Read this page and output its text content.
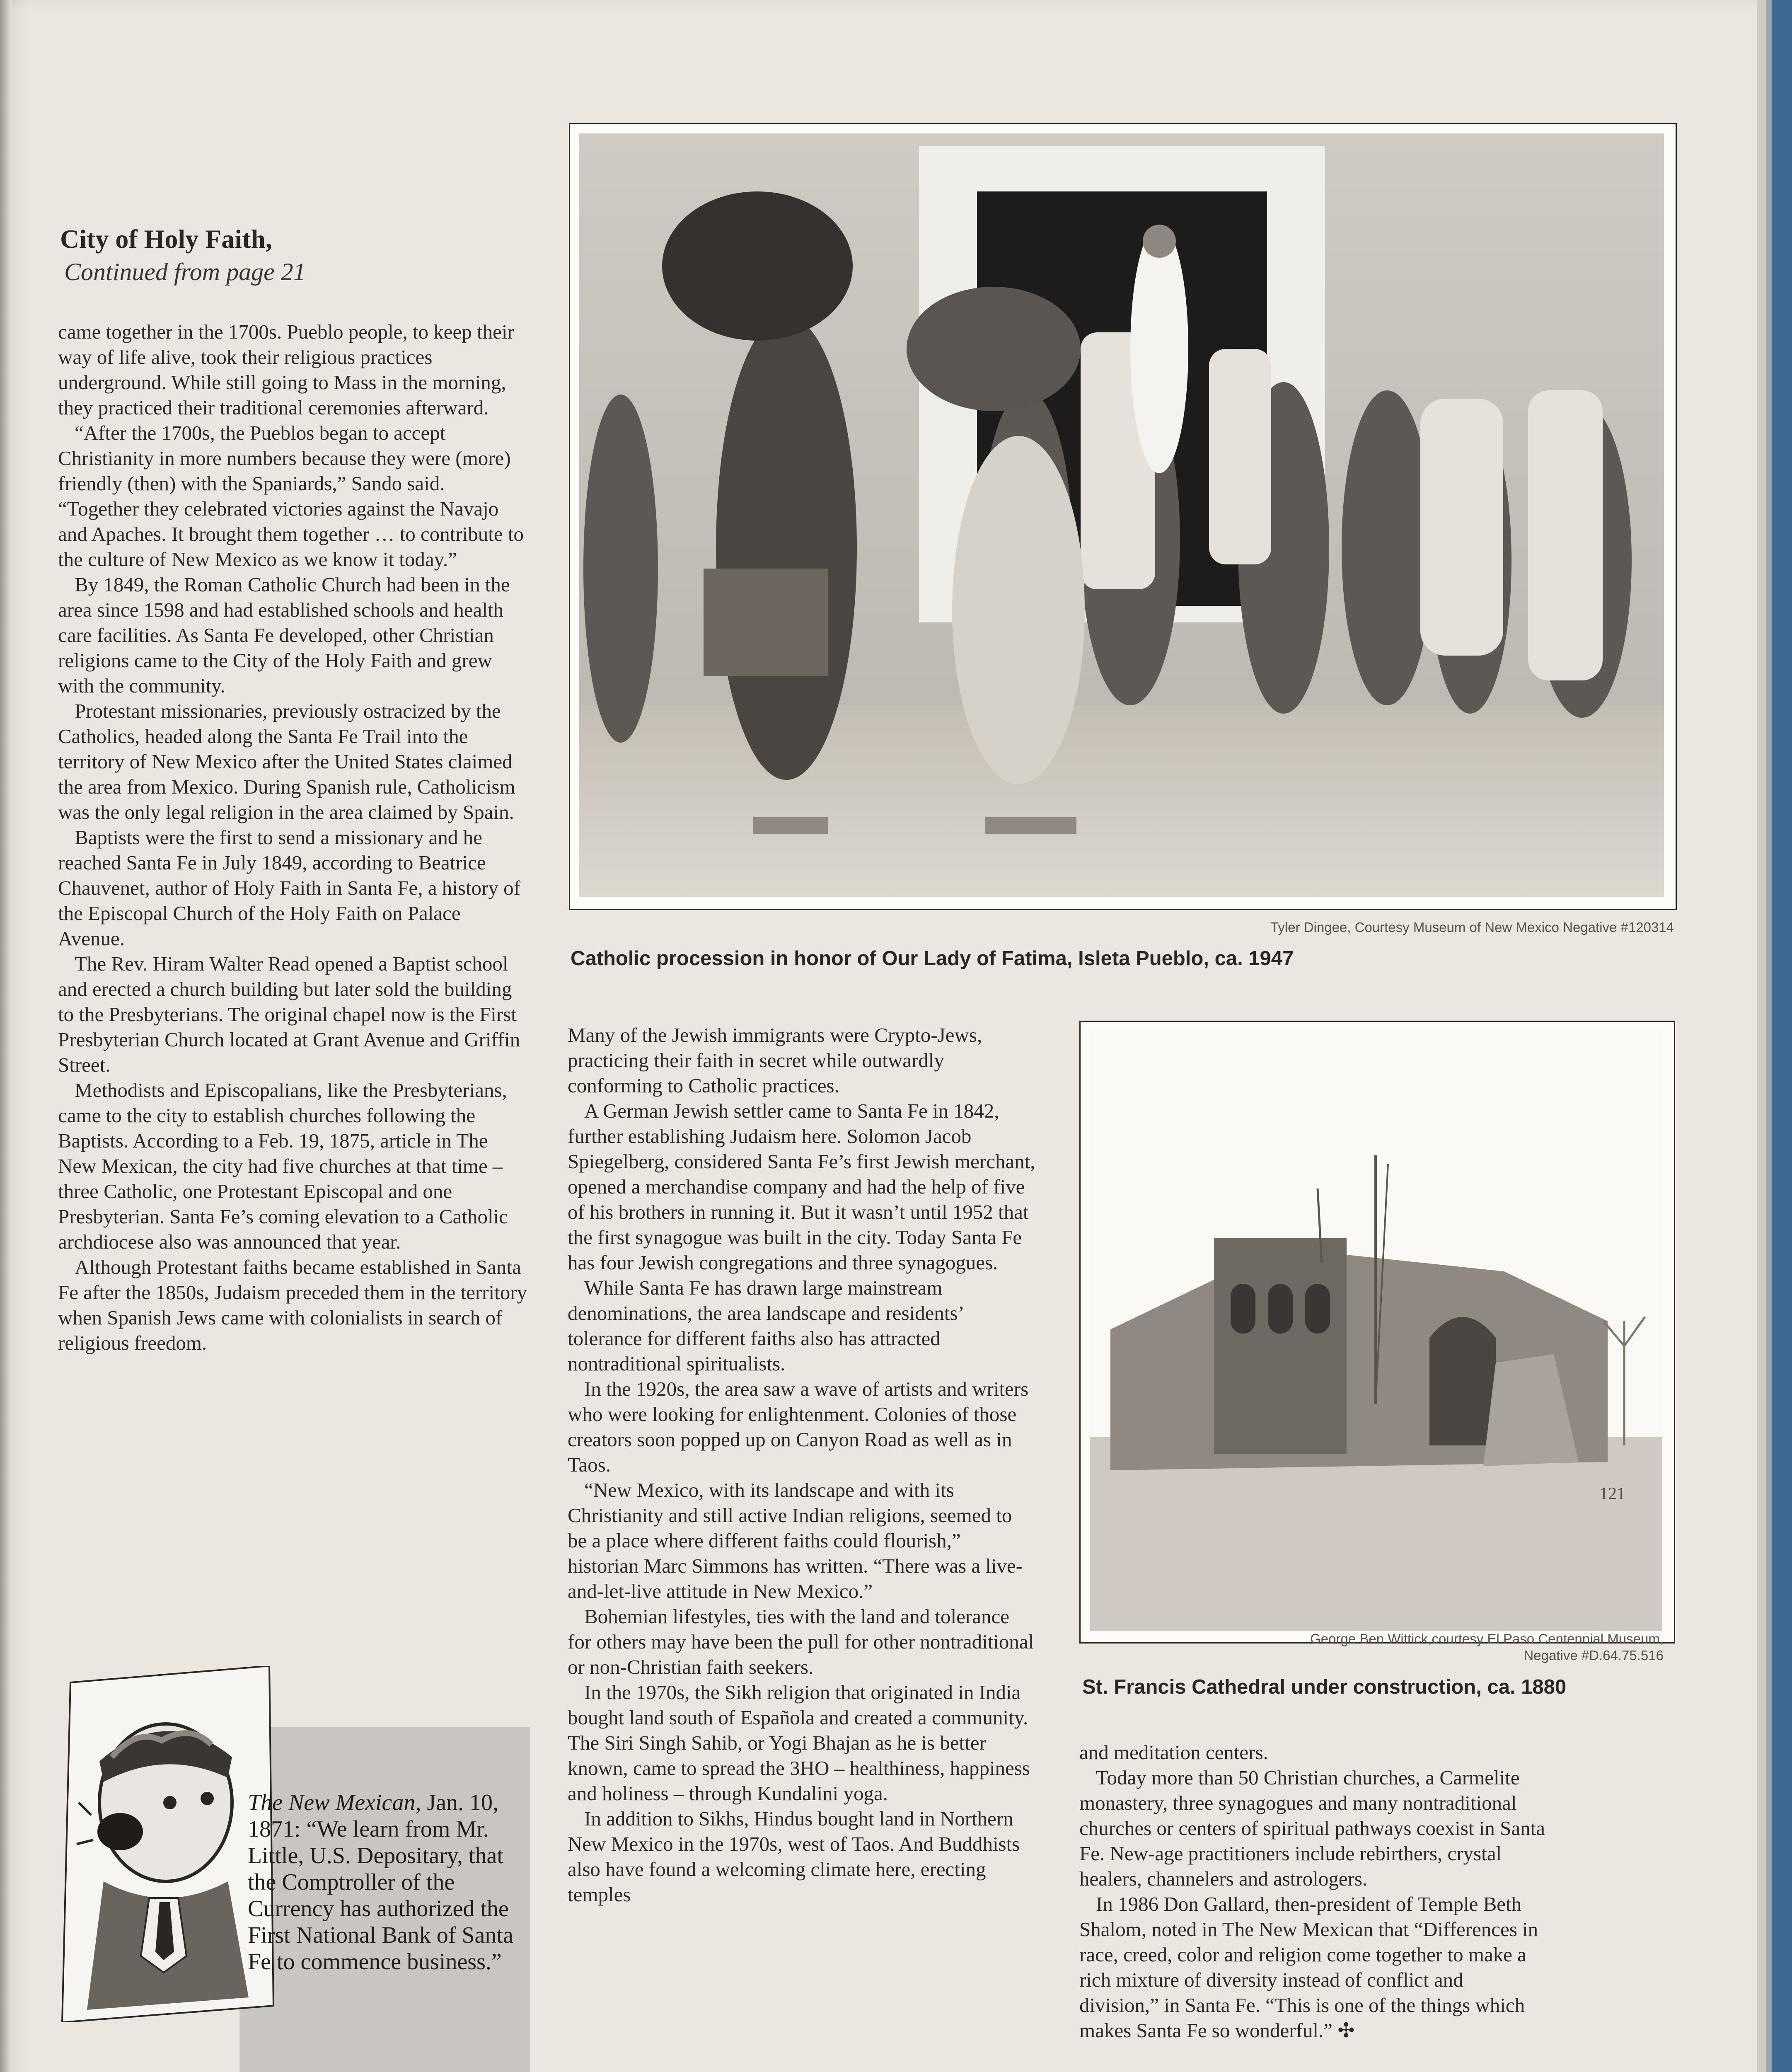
City of Holy Faith,
Continued from page 21

came together in the 1700s. Pueblo people, to keep their way of life alive, took their religious practices underground. While still going to Mass in the morning, they practiced their traditional ceremonies afterward.

“After the 1700s, the Pueblos began to accept Christianity in more numbers because they were (more) friendly (then) with the Spaniards,” Sando said. “Together they celebrated victories against the Navajo and Apaches. It brought them together … to contribute to the culture of New Mexico as we know it today.”

By 1849, the Roman Catholic Church had been in the area since 1598 and had established schools and health care facilities. As Santa Fe developed, other Christian religions came to the City of the Holy Faith and grew with the community.

Protestant missionaries, previously ostracized by the Catholics, headed along the Santa Fe Trail into the territory of New Mexico after the United States claimed the area from Mexico. During Spanish rule, Catholicism was the only legal religion in the area claimed by Spain.

Baptists were the first to send a missionary and he reached Santa Fe in July 1849, according to Beatrice Chauvenet, author of Holy Faith in Santa Fe, a history of the Episcopal Church of the Holy Faith on Palace Avenue.

The Rev. Hiram Walter Read opened a Baptist school and erected a church building but later sold the building to the Presbyterians. The original chapel now is the First Presbyterian Church located at Grant Avenue and Griffin Street.

Methodists and Episcopalians, like the Presbyterians, came to the city to establish churches following the Baptists. According to a Feb. 19, 1875, article in The New Mexican, the city had five churches at that time – three Catholic, one Protestant Episcopal and one Presbyterian. Santa Fe’s coming elevation to a Catholic archdiocese also was announced that year.

Although Protestant faiths became established in Santa Fe after the 1850s, Judaism preceded them in the territory when Spanish Jews came with colonialists in search of religious freedom.

Tyler Dingee, Courtesy Museum of New Mexico Negative #120314
Catholic procession in honor of Our Lady of Fatima, Isleta Pueblo, ca. 1947

Many of the Jewish immigrants were Crypto-Jews, practicing their faith in secret while outwardly conforming to Catholic practices.

A German Jewish settler came to Santa Fe in 1842, further establishing Judaism here. Solomon Jacob Spiegelberg, considered Santa Fe’s first Jewish merchant, opened a merchandise company and had the help of five of his brothers in running it. But it wasn’t until 1952 that the first synagogue was built in the city. Today Santa Fe has four Jewish congregations and three synagogues.

While Santa Fe has drawn large mainstream denominations, the area landscape and residents’ tolerance for different faiths also has attracted nontraditional spiritualists.

In the 1920s, the area saw a wave of artists and writers who were looking for enlightenment. Colonies of those creators soon popped up on Canyon Road as well as in Taos.

“New Mexico, with its landscape and with its Christianity and still active Indian religions, seemed to be a place where different faiths could flourish,” historian Marc Simmons has written. “There was a live-and-let-live attitude in New Mexico.”

Bohemian lifestyles, ties with the land and tolerance for others may have been the pull for other nontraditional or non-Christian faith seekers.

In the 1970s, the Sikh religion that originated in India bought land south of Española and created a community. The Siri Singh Sahib, or Yogi Bhajan as he is better known, came to spread the 3HO – healthiness, happiness and holiness – through Kundalini yoga.

In addition to Sikhs, Hindus bought land in Northern New Mexico in the 1970s, west of Taos. And Buddhists also have found a welcoming climate here, erecting temples

121
George Ben Wittick,courtesy El Paso Centennial Museum,
Negative #D.64.75.516
St. Francis Cathedral under construction, ca. 1880

and meditation centers.

Today more than 50 Christian churches, a Carmelite monastery, three synagogues and many nontraditional churches or centers of spiritual pathways coexist in Santa Fe. New-age practitioners include rebirthers, crystal healers, channelers and astrologers.

In 1986 Don Gallard, then-president of Temple Beth Shalom, noted in The New Mexican that “Differences in race, creed, color and religion come together to make a rich mixture of diversity instead of conflict and division,” in Santa Fe. “This is one of the things which makes Santa Fe so wonderful.” ✣

The New Mexican, Jan. 10, 1871: “We learn from Mr. Little, U.S. Depositary, that the Comptroller of the Currency has authorized the First National Bank of Santa Fe to commence business.”
